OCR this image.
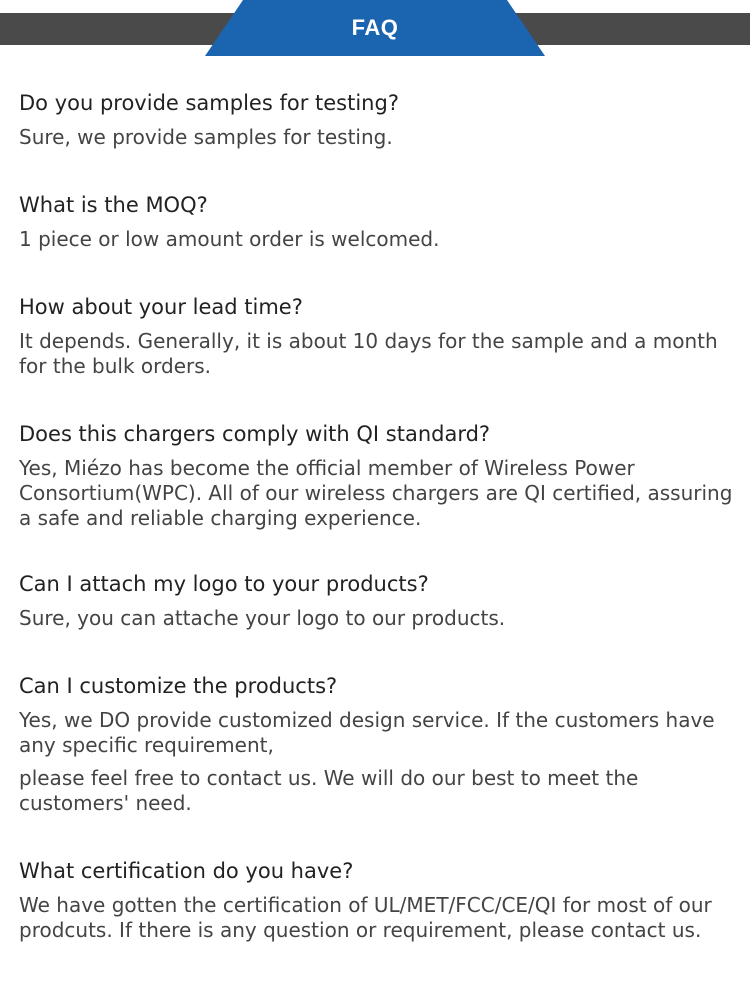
FAQ
Do you provide samples for testing?

Sure, we provide samples for testing.

What is the MOQ?

1 piece or low amount order is welcomed.

How about your lead time?

It depends. Generally, it is about 10 days for the sample and a month for the bulk orders.

Does this chargers comply with QI standard?

Yes, Miézo has become the official member of Wireless Power Consortium(WPC). All of our wireless chargers are QI certified, assuring a safe and reliable charging experience.

Can I attach my logo to your products?

Sure, you can attache your logo to our products.

Can I customize the products?

Yes, we DO provide customized design service. If the customers have any specific requirement,

please feel free to contact us. We will do our best to meet the customers' need.

What certification do you have?

We have gotten the certification of UL/MET/FCC/CE/QI for most of our prodcuts. If there is any question or requirement, please contact us.
